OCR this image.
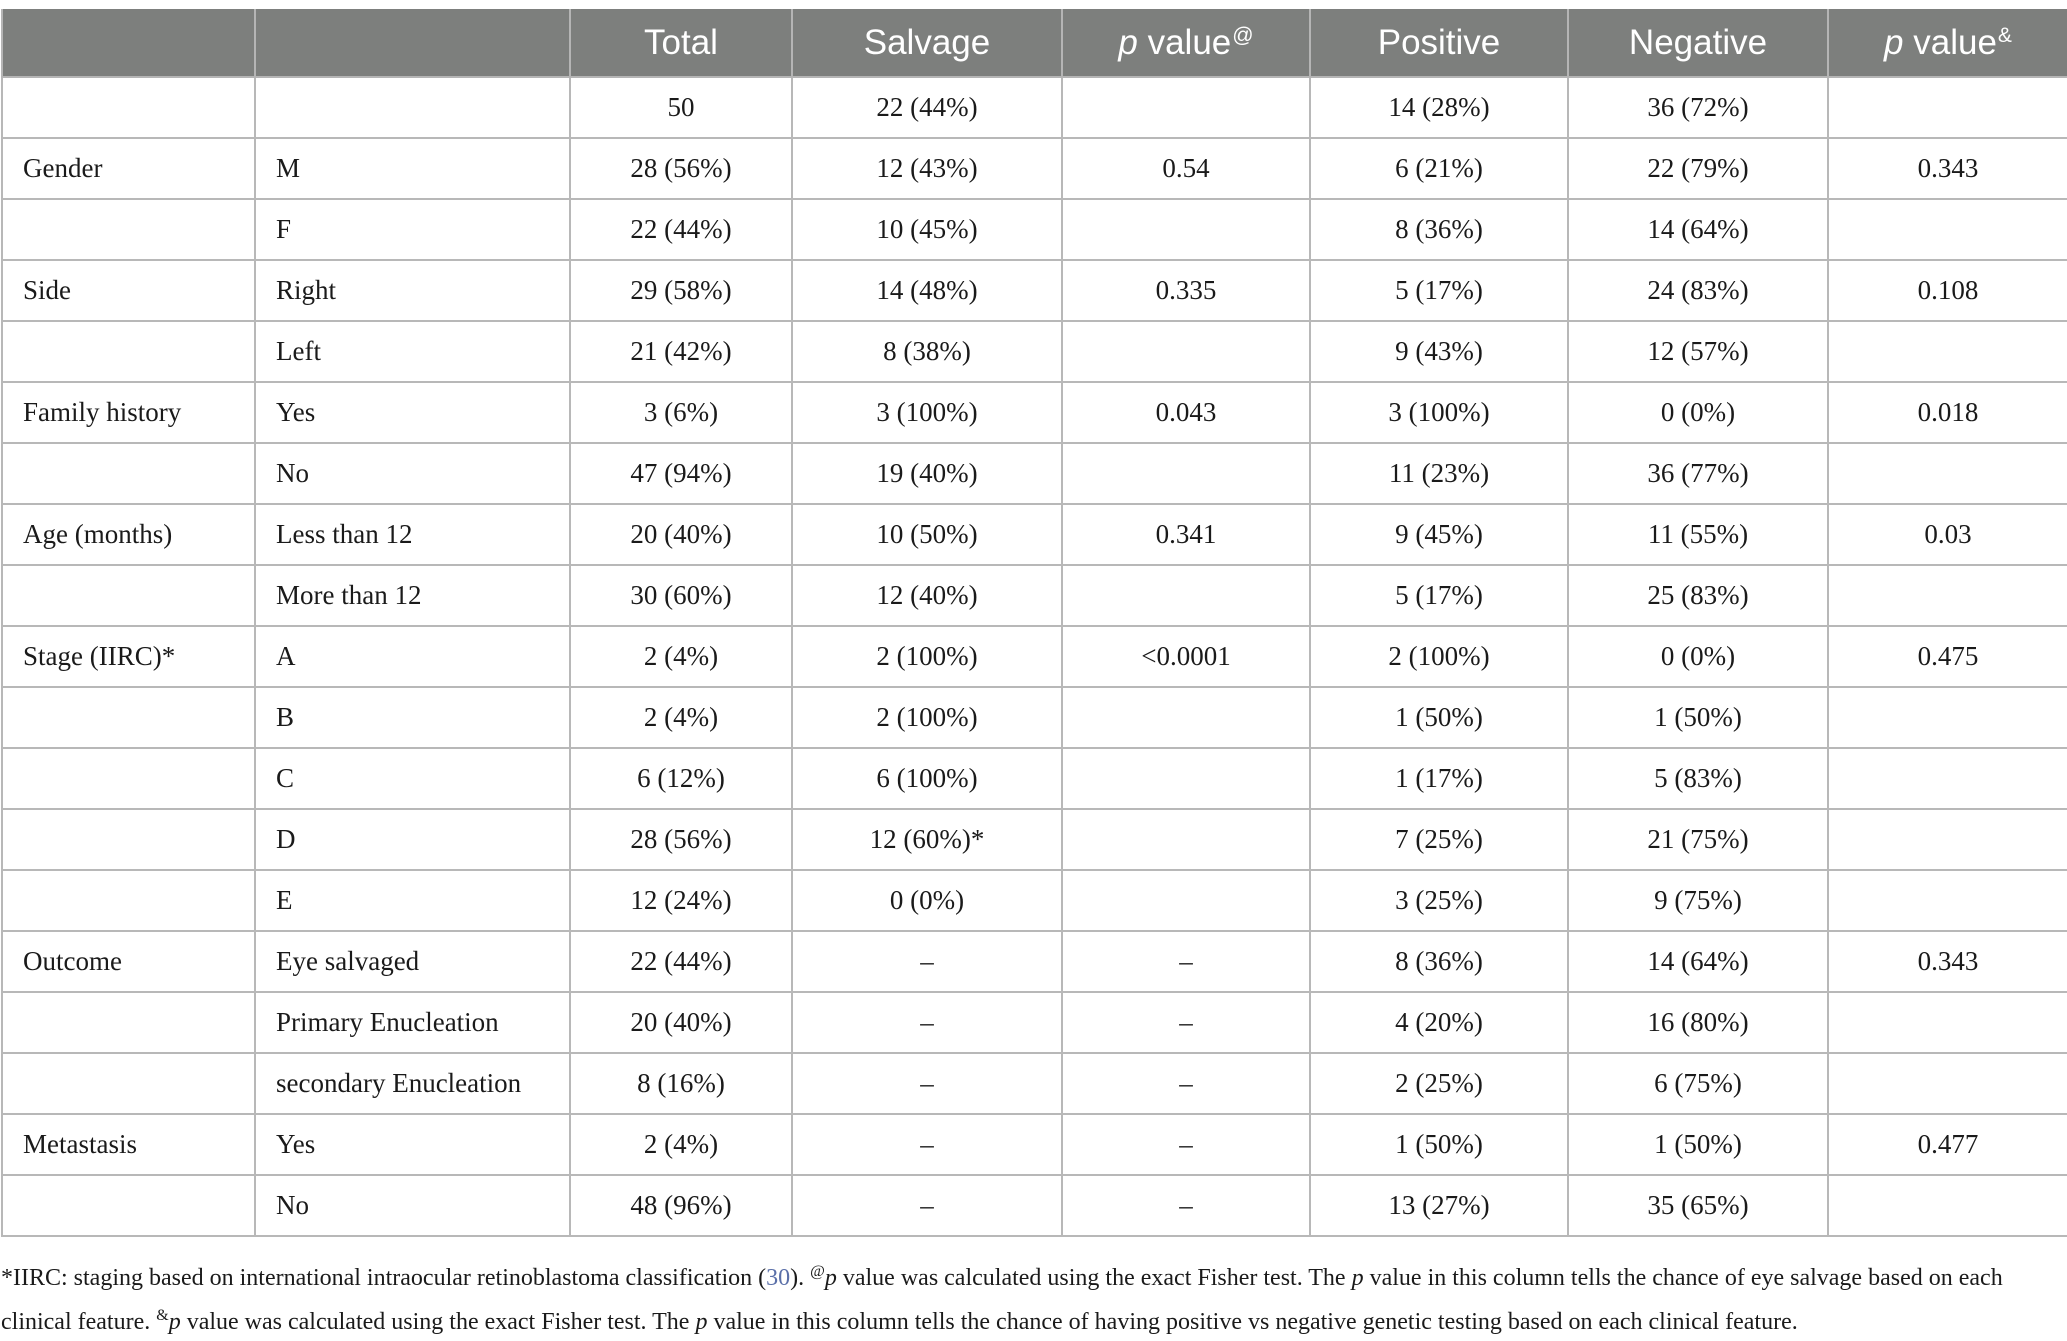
		Total	Salvage	p value@	Positive	Negative	p value&
		50	22 (44%)		14 (28%)	36 (72%)	
Gender	M	28 (56%)	12 (43%)	0.54	6 (21%)	22 (79%)	0.343
	F	22 (44%)	10 (45%)		8 (36%)	14 (64%)	
Side	Right	29 (58%)	14 (48%)	0.335	5 (17%)	24 (83%)	0.108
	Left	21 (42%)	8 (38%)		9 (43%)	12 (57%)	
Family history	Yes	3 (6%)	3 (100%)	0.043	3 (100%)	0 (0%)	0.018
	No	47 (94%)	19 (40%)		11 (23%)	36 (77%)	
Age (months)	Less than 12	20 (40%)	10 (50%)	0.341	9 (45%)	11 (55%)	0.03
	More than 12	30 (60%)	12 (40%)		5 (17%)	25 (83%)	
Stage (IIRC)*	A	2 (4%)	2 (100%)	<0.0001	2 (100%)	0 (0%)	0.475
	B	2 (4%)	2 (100%)		1 (50%)	1 (50%)	
	C	6 (12%)	6 (100%)		1 (17%)	5 (83%)	
	D	28 (56%)	12 (60%)*		7 (25%)	21 (75%)	
	E	12 (24%)	0 (0%)		3 (25%)	9 (75%)	
Outcome	Eye salvaged	22 (44%)	–	–	8 (36%)	14 (64%)	0.343
	Primary Enucleation	20 (40%)	–	–	4 (20%)	16 (80%)	
	secondary Enucleation	8 (16%)	–	–	2 (25%)	6 (75%)	
Metastasis	Yes	2 (4%)	–	–	1 (50%)	1 (50%)	0.477
	No	48 (96%)	–	–	13 (27%)	35 (65%)	
*IIRC: staging based on international intraocular retinoblastoma classification (30). @p value was calculated using the exact Fisher test. The p value in this column tells the chance of eye salvage based on each clinical feature. &p value was calculated using the exact Fisher test. The p value in this column tells the chance of having positive vs negative genetic testing based on each clinical feature.
